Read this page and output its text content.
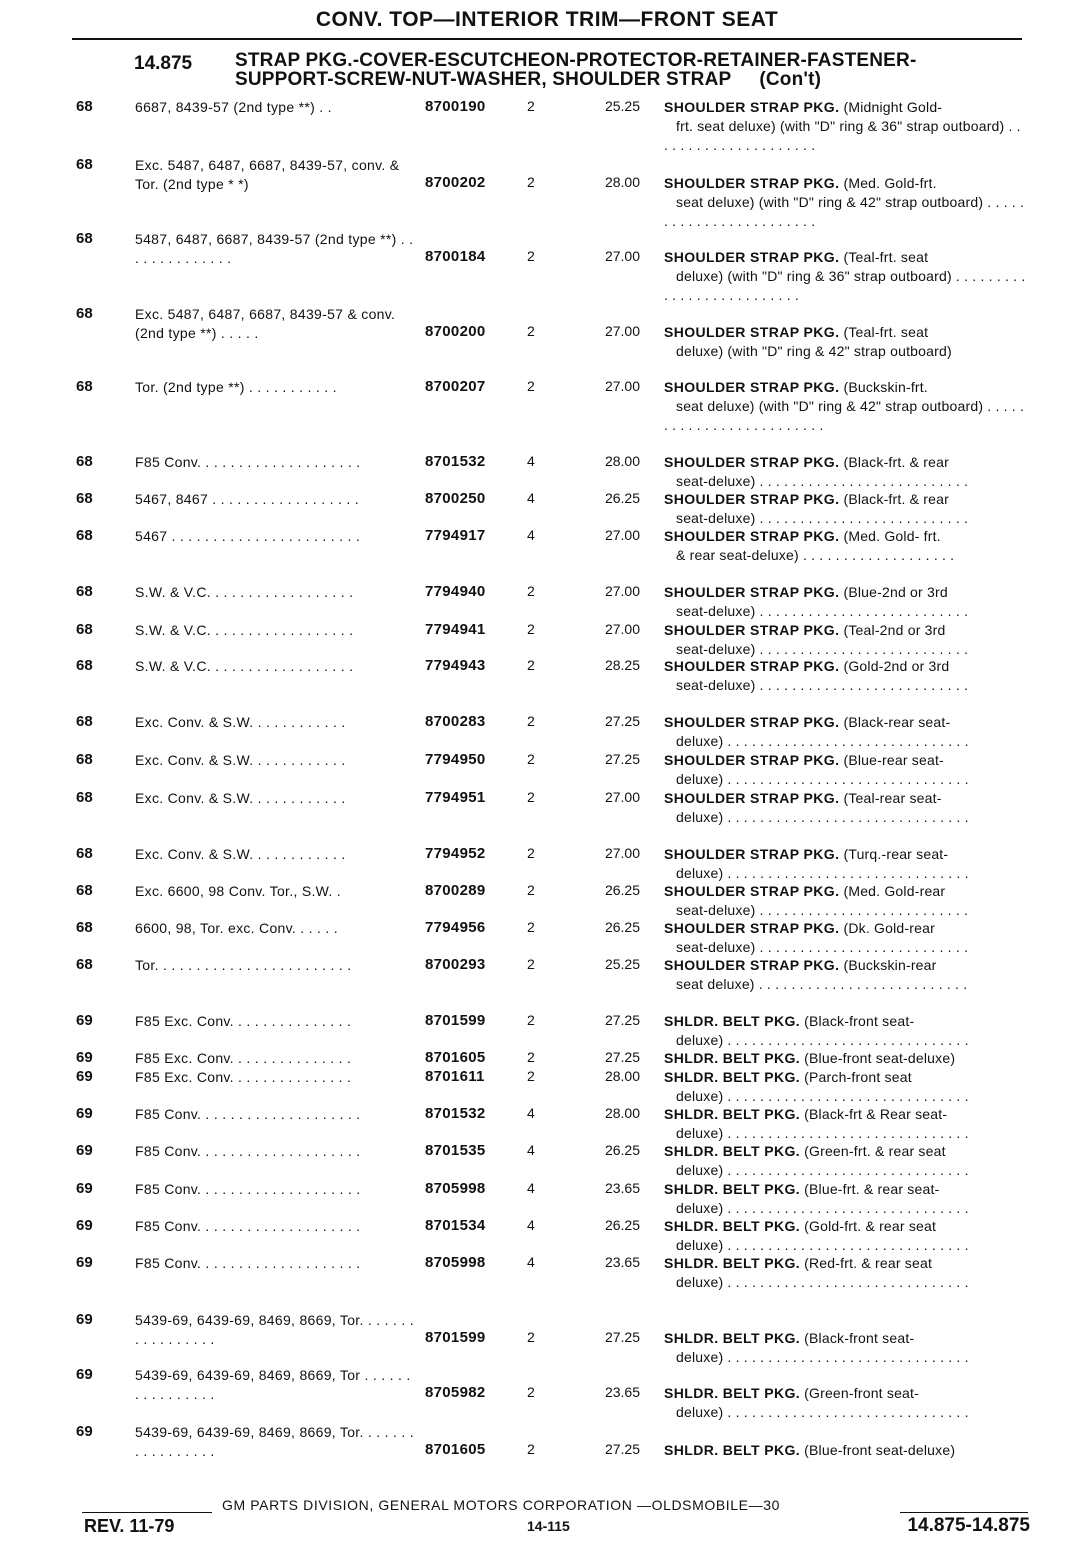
CONV. TOP—INTERIOR TRIM—FRONT SEAT
14.875 STRAP PKG.-COVER-ESCUTCHEON-PROTECTOR-RETAINER-FASTENER-
SUPPORT-SCREW-NUT-WASHER, SHOULDER STRAP (Con't)
68	6687, 8439-57 (2nd type **) . .	8700190	2	25.25 SHOULDER STRAP PKG. (Midnight Gold-
frt. seat deluxe) (with "D" ring & 36" strap outboard) . . . . . . . . . . . . . . . . . . . . .
68	Exc. 5487, 6487, 6687, 8439-57, conv. & Tor. (2nd type * *)	8700202	2	28.00 SHOULDER STRAP PKG. (Med. Gold-frt.
seat deluxe) (with "D" ring & 42" strap outboard) . . . . . . . . . . . . . . . . . . . . . . . .
68	5487, 6487, 6687, 8439-57 (2nd type **) . . . . . . . . . . . . . .	8700184	2	27.00 SHOULDER STRAP PKG. (Teal-frt. seat
deluxe) (with "D" ring & 36" strap outboard) . . . . . . . . . . . . . . . . . . . . . . . . . .
68	Exc. 5487, 6487, 6687, 8439-57 & conv. (2nd type **) . . . . .	8700200	2	27.00 SHOULDER STRAP PKG. (Teal-frt. seat
deluxe) (with "D" ring & 42" strap outboard)
68	Tor. (2nd type **) . . . . . . . . . . .	8700207	2	27.00 SHOULDER STRAP PKG. (Buckskin-frt.
seat deluxe) (with "D" ring & 42" strap outboard) . . . . . . . . . . . . . . . . . . . . . . . . .
68	F85 Conv. . . . . . . . . . . . . . . . . . . .	8701532	4	28.00 SHOULDER STRAP PKG. (Black-frt. & rear
seat-deluxe) . . . . . . . . . . . . . . . . . . . . . . . . . .
68	5467, 8467 . . . . . . . . . . . . . . . . . .	8700250	4	26.25 SHOULDER STRAP PKG. (Black-frt. & rear
seat-deluxe) . . . . . . . . . . . . . . . . . . . . . . . . . .
68	5467 . . . . . . . . . . . . . . . . . . . . . . .	7794917	4	27.00 SHOULDER STRAP PKG. (Med. Gold- frt.
& rear seat-deluxe) . . . . . . . . . . . . . . . . . . .
68	S.W. & V.C. . . . . . . . . . . . . . . . . .	7794940	2	27.00 SHOULDER STRAP PKG. (Blue-2nd or 3rd
seat-deluxe) . . . . . . . . . . . . . . . . . . . . . . . . . .
68	S.W. & V.C. . . . . . . . . . . . . . . . . .	7794941	2	27.00 SHOULDER STRAP PKG. (Teal-2nd or 3rd
seat-deluxe) . . . . . . . . . . . . . . . . . . . . . . . . . .
68	S.W. & V.C. . . . . . . . . . . . . . . . . .	7794943	2	28.25 SHOULDER STRAP PKG. (Gold-2nd or 3rd
seat-deluxe) . . . . . . . . . . . . . . . . . . . . . . . . . .
68	Exc. Conv. & S.W. . . . . . . . . . . .	8700283	2	27.25 SHOULDER STRAP PKG. (Black-rear seat-
deluxe) . . . . . . . . . . . . . . . . . . . . . . . . . . . . . .
68	Exc. Conv. & S.W. . . . . . . . . . . .	7794950	2	27.25 SHOULDER STRAP PKG. (Blue-rear seat-
deluxe) . . . . . . . . . . . . . . . . . . . . . . . . . . . . . .
68	Exc. Conv. & S.W. . . . . . . . . . . .	7794951	2	27.00 SHOULDER STRAP PKG. (Teal-rear seat-
deluxe) . . . . . . . . . . . . . . . . . . . . . . . . . . . . . .
68	Exc. Conv. & S.W. . . . . . . . . . . .	7794952	2	27.00 SHOULDER STRAP PKG. (Turq.-rear seat-
deluxe) . . . . . . . . . . . . . . . . . . . . . . . . . . . . . .
68	Exc. 6600, 98 Conv. Tor., S.W. .	8700289	2	26.25 SHOULDER STRAP PKG. (Med. Gold-rear
seat-deluxe) . . . . . . . . . . . . . . . . . . . . . . . . . .
68	6600, 98, Tor. exc. Conv. . . . . .	7794956	2	26.25 SHOULDER STRAP PKG. (Dk. Gold-rear
seat-deluxe) . . . . . . . . . . . . . . . . . . . . . . . . . .
68	Tor. . . . . . . . . . . . . . . . . . . . . . . .	8700293	2	25.25 SHOULDER STRAP PKG. (Buckskin-rear
seat deluxe) . . . . . . . . . . . . . . . . . . . . . . . . . .
69	F85 Exc. Conv. . . . . . . . . . . . . . .	8701599	2	27.25 SHLDR. BELT PKG. (Black-front seat-
deluxe) . . . . . . . . . . . . . . . . . . . . . . . . . . . . . .
69	F85 Exc. Conv. . . . . . . . . . . . . . .	8701605	2	27.25 SHLDR. BELT PKG. (Blue-front seat-deluxe)
69	F85 Exc. Conv. . . . . . . . . . . . . . .	8701611	2	28.00 SHLDR. BELT PKG. (Parch-front seat
deluxe) . . . . . . . . . . . . . . . . . . . . . . . . . . . . . .
69	F85 Conv. . . . . . . . . . . . . . . . . . . .	8701532	4	28.00 SHLDR. BELT PKG. (Black-frt & Rear seat-
deluxe) . . . . . . . . . . . . . . . . . . . . . . . . . . . . . .
69	F85 Conv. . . . . . . . . . . . . . . . . . . .	8701535	4	26.25 SHLDR. BELT PKG. (Green-frt. & rear seat
deluxe) . . . . . . . . . . . . . . . . . . . . . . . . . . . . . .
69	F85 Conv. . . . . . . . . . . . . . . . . . . .	8705998	4	23.65 SHLDR. BELT PKG. (Blue-frt. & rear seat-
deluxe) . . . . . . . . . . . . . . . . . . . . . . . . . . . . . .
69	F85 Conv. . . . . . . . . . . . . . . . . . . .	8701534	4	26.25 SHLDR. BELT PKG. (Gold-frt. & rear seat
deluxe) . . . . . . . . . . . . . . . . . . . . . . . . . . . . . .
69	F85 Conv. . . . . . . . . . . . . . . . . . . .	8705998	4	23.65 SHLDR. BELT PKG. (Red-frt. & rear seat
deluxe) . . . . . . . . . . . . . . . . . . . . . . . . . . . . . .
69	5439-69, 6439-69, 8469, 8669, Tor. . . . . . . . . . . . . . . . .	8701599	2	27.25 SHLDR. BELT PKG. (Black-front seat-
deluxe) . . . . . . . . . . . . . . . . . . . . . . . . . . . . . .
69	5439-69, 6439-69, 8469, 8669, Tor . . . . . . . . . . . . . . . .	8705982	2	23.65 SHLDR. BELT PKG. (Green-front seat-
deluxe) . . . . . . . . . . . . . . . . . . . . . . . . . . . . . .
69	5439-69, 6439-69, 8469, 8669, Tor. . . . . . . . . . . . . . . . .	8701605	2	27.25 SHLDR. BELT PKG. (Blue-front seat-deluxe)
GM PARTS DIVISION, GENERAL MOTORS CORPORATION —OLDSMOBILE—30
REV. 11-79	14-115	14.875-14.875
